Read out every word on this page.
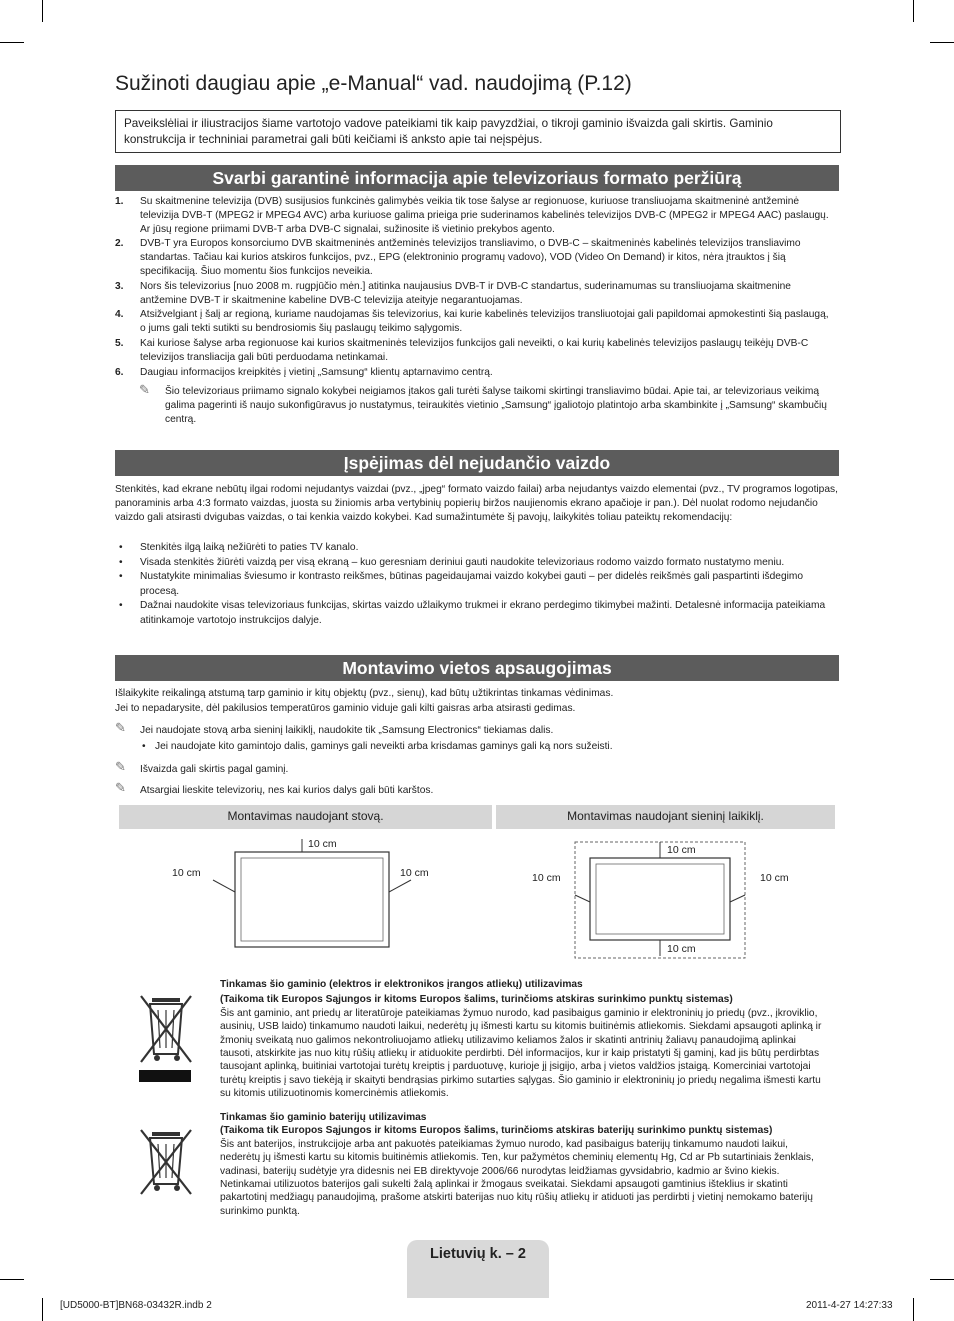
Sužinoti daugiau apie „e-Manual“ vad. naudojimą (P.12)
Paveikslėliai ir iliustracijos šiame vartotojo vadove pateikiami tik kaip pavyzdžiai, o tikroji gaminio išvaizda gali skirtis. Gaminio konstrukcija ir techniniai parametrai gali būti keičiami iš anksto apie tai neįspėjus.
Svarbi garantinė informacija apie televizoriaus formato peržiūrą
1. Su skaitmenine televizija (DVB) susijusios funkcinės galimybės veikia tik tose šalyse ar regionuose, kuriuose transliuojama skaitmeninė antžeminė televizija DVB-T (MPEG2 ir MPEG4 AVC) arba kuriuose galima prieiga prie suderinamos kabelinės televizijos DVB-C (MPEG2 ir MPEG4 AAC) paslaugų. Ar jūsų regione priimami DVB-T arba DVB-C signalai, sužinosite iš vietinio prekybos agento.
2. DVB-T yra Europos konsorciumo DVB skaitmeninės antžeminės televizijos transliavimo, o DVB-C – skaitmeninės kabelinės televizijos transliavimo standartas. Tačiau kai kurios atskiros funkcijos, pvz., EPG (elektroninio programų vadovo), VOD (Video On Demand) ir kitos, nėra įtrauktos į šią specifikaciją. Šiuo momentu šios funkcijos neveikia.
3. Nors šis televizorius [nuo 2008 m. rugpjūčio mėn.] atitinka naujausius DVB-T ir DVB-C standartus, suderinamumas su transliuojama skaitmenine antžemine DVB-T ir skaitmenine kabeline DVB-C televizija ateityje negarantuojamas.
4. Atsižvelgiant į šalį ar regioną, kuriame naudojamas šis televizorius, kai kurie kabelinės televizijos transliuotojai gali papildomai apmokestinti šią paslaugą, o jums gali tekti sutikti su bendrosiomis šių paslaugų teikimo sąlygomis.
5. Kai kuriose šalyse arba regionuose kai kurios skaitmeninės televizijos funkcijos gali neveikti, o kai kurių kabelinės televizijos paslaugų teikėjų DVB-C televizijos transliacija gali būti perduodama netinkamai.
6. Daugiau informacijos kreipkitės į vietinį „Samsung“ klientų aptarnavimo centrą.
✎ Šio televizoriaus priimamo signalo kokybei neigiamos įtakos gali turėti šalyse taikomi skirtingi transliavimo būdai. Apie tai, ar televizoriaus veikimą galima pagerinti iš naujo sukonfigūravus jo nustatymus, teiraukitės vietinio „Samsung“ įgaliotojo platintojo arba skambinkite į „Samsung“ skambučių centrą.
Įspėjimas dėl nejudančio vaizdo

Stenkitės, kad ekrane nebūtų ilgai rodomi nejudantys vaizdai (pvz., „jpeg“ formato vaizdo failai) arba nejudantys vaizdo elementai (pvz., TV programos logotipas, panoraminis arba 4:3 formato vaizdas, juosta su žiniomis arba vertybinių popierių biržos naujienomis ekrano apačioje ir pan.). Dėl nuolat rodomo nejudančio vaizdo gali atsirasti dvigubas vaizdas, o tai kenkia vaizdo kokybei. Kad sumažintumėte šį pavojų, laikykitės toliau pateiktų rekomendacijų:

• Stenkitės ilgą laiką nežiūrėti to paties TV kanalo.

• Visada stenkitės žiūrėti vaizdą per visą ekraną – kuo geresniam deriniui gauti naudokite televizoriaus rodomo vaizdo formato nustatymo meniu.

• Nustatykite minimalias šviesumo ir kontrasto reikšmes, būtinas pageidaujamai vaizdo kokybei gauti – per didelės reikšmės gali paspartinti išdegimo procesą.

• Dažnai naudokite visas televizoriaus funkcijas, skirtas vaizdo užlaikymo trukmei ir ekrano perdegimo tikimybei mažinti. Detalesnė informacija pateikiama atitinkamoje vartotojo instrukcijos dalyje.

Montavimo vietos apsaugojimas

Išlaikykite reikalingą atstumą tarp gaminio ir kitų objektų (pvz., sienų), kad būtų užtikrintas tinkamas vėdinimas.

Jei to nepadarysite, dėl pakilusios temperatūros gaminio viduje gali kilti gaisras arba atsirasti gedimas.

✎ Jei naudojate stovą arba sieninį laikiklį, naudokite tik „Samsung Electronics“ tiekiamas dalis.
• Jei naudojate kito gamintojo dalis, gaminys gali neveikti arba krisdamas gaminys gali ką nors sužeisti.
✎ Išvaizda gali skirtis pagal gaminį.
✎ Atsargiai lieskite televizorių, nes kai kurios dalys gali būti karštos.
Montavimas naudojant stovą.	Montavimas naudojant sieninį laikiklį.
10 cm
10 cm	10 cm
10 cm
10 cm	10 cm
10 cm
Tinkamas šio gaminio (elektros ir elektronikos įrangos atliekų) utilizavimas
(Taikoma tik Europos Sąjungos ir kitoms Europos šalims, turinčioms atskiras surinkimo punktų sistemas)
Šis ant gaminio, ant priedų ar literatūroje pateikiamas žymuo nurodo, kad pasibaigus gaminio ir elektroninių jo priedų (pvz., įkroviklio, ausinių, USB laido) tinkamumo naudoti laikui, nederėtų jų išmesti kartu su kitomis buitinėmis atliekomis. Siekdami apsaugoti aplinką ir žmonių sveikatą nuo galimos nekontroliuojamo atliekų utilizavimo keliamos žalos ir skatinti antrinių žaliavų panaudojimą aplinkai tausoti, atskirkite jas nuo kitų rūšių atliekų ir atiduokite perdirbti. Dėl informacijos, kur ir kaip pristatyti šį gaminį, kad jis būtų perdirbtas tausojant aplinką, buitiniai vartotojai turėtų kreiptis į parduotuvę, kurioje jį įsigijo, arba į vietos valdžios įstaigą. Komerciniai vartotojai turėtų kreiptis į savo tiekėją ir skaityti bendrąsias pirkimo sutarties sąlygas. Šio gaminio ir elektroninių jo priedų negalima išmesti kartu su kitomis utilizuotinomis komercinėmis atliekomis.
Tinkamas šio gaminio baterijų utilizavimas
(Taikoma tik Europos Sąjungos ir kitoms Europos šalims, turinčioms atskiras baterijų surinkimo punktų sistemas)
Šis ant baterijos, instrukcijoje arba ant pakuotės pateikiamas žymuo nurodo, kad pasibaigus baterijų tinkamumo naudoti laikui, nederėtų jų išmesti kartu su kitomis buitinėmis atliekomis. Ten, kur pažymėtos cheminių elementų Hg, Cd ar Pb sutartiniais ženklais, vadinasi, baterijų sudėtyje yra didesnis nei EB direktyvoje 2006/66 nurodytas leidžiamas gyvsidabrio, kadmio ar švino kiekis. Netinkamai utilizuotos baterijos gali sukelti žalą aplinkai ir žmogaus sveikatai. Siekdami apsaugoti gamtinius išteklius ir skatinti pakartotinį medžiagų panaudojimą, prašome atskirti baterijas nuo kitų rūšių atliekų ir atiduoti jas perdirbti į vietinį nemokamo baterijų surinkimo punktą.
Lietuvių k. – 2
[UD5000-BT]BN68-03432R.indb 2	2011-4-27 14:27:33
